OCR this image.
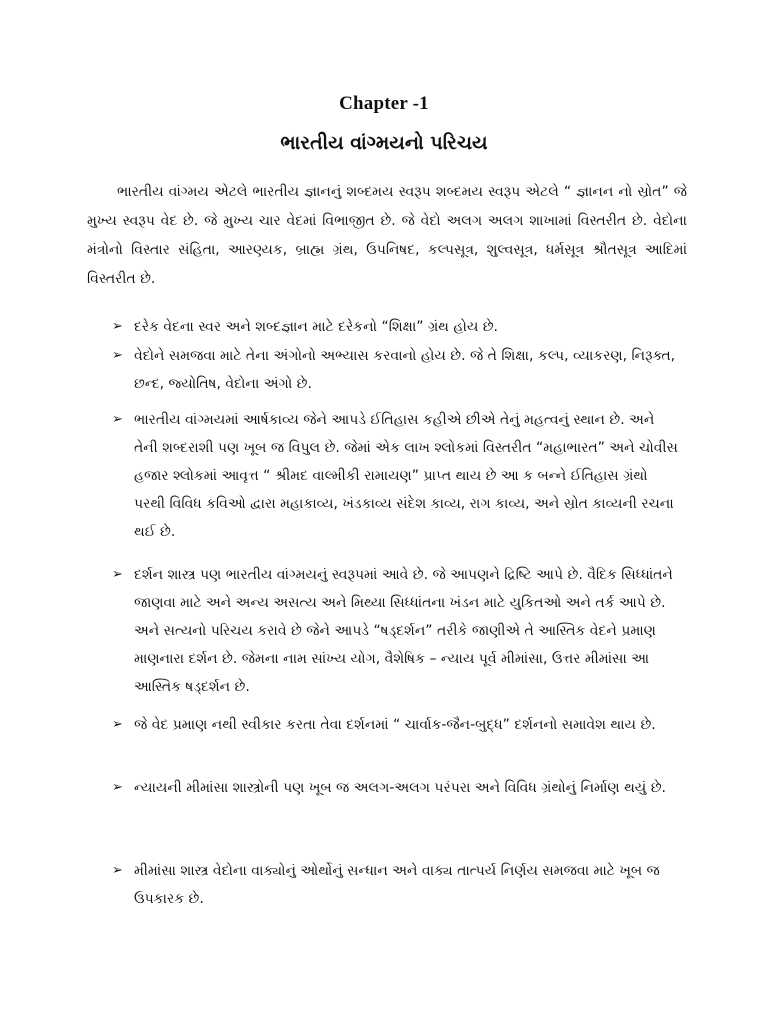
Chapter -1
ભારતીય વાંગ્મયનો પરિચય

ભારતીય વાંગ્મય એટલે ભારતીય જ્ઞાનનું શબ્દમય સ્વરૂપ શબ્દમય સ્વરૂપ એટલે “ જ્ઞાનન નો સ્રોત” જે મુખ્ય સ્વરૂપ વેદ છે. જે મુખ્ય ચાર વેદમાં વિભાજીત છે. જે વેદો અલગ અલગ શાખામાં વિસ્તરીત છે. વેદોના મંત્રોનો વિસ્તાર સંહિતા, આરણ્યક, બ્રાહ્મ ગ્રંથ, ઉપનિષદ, કલ્પસૂત્ર, શુલ્વસૂત્ર, ધર્મસૂત્ર શ્રૌતસૂત્ર આદિમાં વિસ્તરીત છે.

➢ દરેક વેદના સ્વર અને શબ્દજ્ઞાન માટે દરેકનો “શિક્ષા” ગ્રંથ હોય છે.
➢ વેદોને સમજવા માટે તેના અંગોનો અભ્યાસ કરવાનો હોય છે. જે તે શિક્ષા, કલ્પ, વ્યાકરણ, નિરૂક્ત, છન્દ, જ્યોતિષ, વેદોના અંગો છે.
➢ ભારતીય વાંગ્મયમાં આર્ષકાવ્ય જેને આપડે ઈતિહાસ કહીએ છીએ તેનું મહત્વનું સ્થાન છે. અને તેની શબ્દરાશી પણ ખૂબ જ વિપુલ છે. જેમાં એક લાખ શ્લોકમાં વિસ્તરીત “મહાભારત” અને ચોવીસ હજાર શ્લોકમાં આવૃત્ત “ શ્રીમદ વાલ્મીકી રામાયણ” પ્રાપ્ત થાય છે આ ક બન્ને ઈતિહાસ ગ્રંથો પરથી વિવિધ કવિઓ દ્વારા મહાકાવ્ય, ખંડકાવ્ય સંદેશ કાવ્ય, રાગ કાવ્ય, અને સ્રોત કાવ્યની રચના થઈ છે.
➢ દર્શન શાસ્ત્ર પણ ભારતીય વાંગ્મયનું સ્વરૂપમાં આવે છે. જે આપણને દ્રિષ્ટિ આપે છે. વૈદિક સિધ્ધાંતને જાણવા માટે અને અન્ય અસત્ય અને મિથ્યા સિધ્ધાંતના ખંડન માટે યુકિતઓ અને તર્ક આપે છે. અને સત્યનો પરિચય કરાવે છે જેને આપડે “ષડ્દર્શન” તરીકે જાણીએ તે આસ્તિક વેદને પ્રમાણ માણનારા દર્શન છે. જેમના નામ સાંખ્ય યોગ, વૈશેષિક – ન્યાય પૂર્વ મીમાંસા, ઉત્તર મીમાંસા આ આસ્તિક ષડ્દર્શન છે.
➢ જે વેદ પ્રમાણ નથી સ્વીકાર કરતા તેવા દર્શનમાં “ ચાર્વાક-જૈન-બુદ્ધ” દર્શનનો સમાવેશ થાય છે.
➢ ન્યાયની મીમાંસા શાસ્ત્રોની પણ ખૂબ જ અલગ-અલગ પરંપરા અને વિવિધ ગ્રંથોનું નિર્માણ થયું છે.
➢ મીમાંસા શાસ્ત્ર વેદોના વાક્યોનું ઓર્થોનું સન્ધાન અને વાક્ય તાત્પર્ય નિર્ણય સમજવા માટે ખૂબ જ ઉપકારક છે.
